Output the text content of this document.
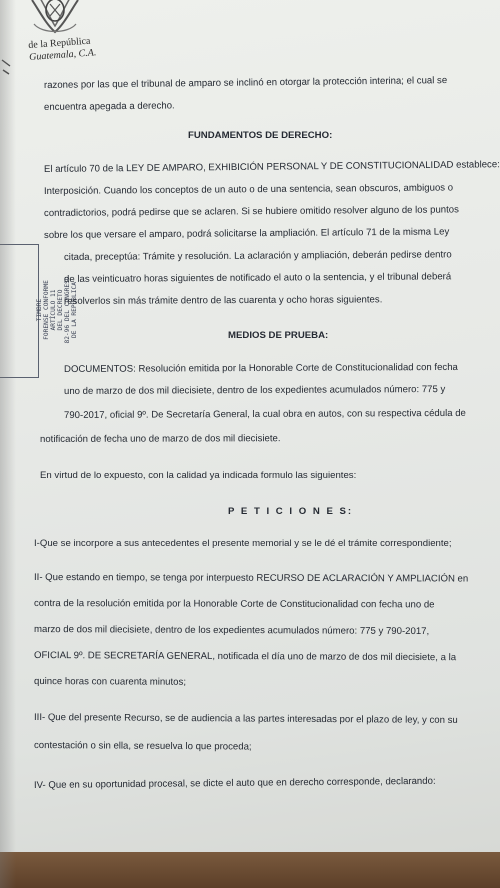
de la República
Guatemala, C.A.
TIMBRE FORENSE CONFORME ARTÍCULO 11 DEL DECRETO 82-96 DEL CONGRESO DE LA REPÚBLICA
razones por las que el tribunal de amparo se inclinó en otorgar la protección interina; el cual se
encuentra apegada a derecho.
FUNDAMENTOS DE DERECHO:
El artículo 70 de la LEY DE AMPARO, EXHIBICIÓN PERSONAL Y DE CONSTITUCIONALIDAD establece:
Interposición. Cuando los conceptos de un auto o de una sentencia, sean obscuros, ambiguos o
contradictorios, podrá pedirse que se aclaren. Si se hubiere omitido resolver alguno de los puntos
sobre los que versare el amparo, podrá solicitarse la ampliación. El artículo 71 de la misma Ley
citada, preceptúa: Trámite y resolución. La aclaración y ampliación, deberán pedirse dentro
de las veinticuatro horas siguientes de notificado el auto o la sentencia, y el tribunal deberá
resolverlos sin más trámite dentro de las cuarenta y ocho horas siguientes.
MEDIOS DE PRUEBA:
DOCUMENTOS: Resolución emitida por la Honorable Corte de Constitucionalidad con fecha
uno de marzo de dos mil diecisiete, dentro de los expedientes acumulados número: 775 y
790-2017, oficial 9º. De Secretaría General, la cual obra en autos, con su respectiva cédula de
notificación de fecha uno de marzo de dos mil diecisiete.
En virtud de lo expuesto, con la calidad ya indicada formulo las siguientes:
P E T I C I O N E S:
I-Que se incorpore a sus antecedentes el presente memorial y se le dé el trámite correspondiente;
II- Que estando en tiempo, se tenga por interpuesto RECURSO DE ACLARACIÓN Y AMPLIACIÓN en
contra de la resolución emitida por la Honorable Corte de Constitucionalidad con fecha uno de
marzo de dos mil diecisiete, dentro de los expedientes acumulados número: 775 y 790-2017,
OFICIAL 9º. DE SECRETARÍA GENERAL, notificada el día uno de marzo de dos mil diecisiete, a la
quince horas con cuarenta minutos;
III- Que del presente Recurso, se de audiencia a las partes interesadas por el plazo de ley, y con su
contestación o sin ella, se resuelva lo que proceda;
IV- Que en su oportunidad procesal, se dicte el auto que en derecho corresponde, declarando:
